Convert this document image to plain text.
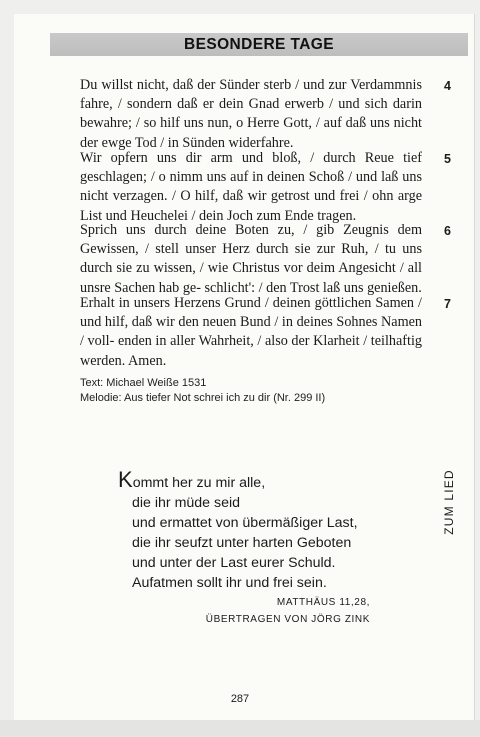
BESONDERE TAGE
4
Du willst nicht, daß der Sünder sterb / und zur Verdammnis fahre, / sondern daß er dein Gnad erwerb / und sich darin bewahre; / so hilf uns nun, o Herre Gott, / auf daß uns nicht der ewge Tod / in Sünden widerfahre.
5
Wir opfern uns dir arm und bloß, / durch Reue tief geschlagen; / o nimm uns auf in deinen Schoß / und laß uns nicht verzagen. / O hilf, daß wir getrost und frei / ohn arge List und Heuchelei / dein Joch zum Ende tragen.
6
Sprich uns durch deine Boten zu, / gib Zeugnis dem Gewissen, / stell unser Herz durch sie zur Ruh, / tu uns durch sie zu wissen, / wie Christus vor deim Angesicht / all unsre Sachen hab ge- schlicht': / den Trost laß uns genießen.
7
Erhalt in unsers Herzens Grund / deinen göttlichen Samen / und hilf, daß wir den neuen Bund / in deines Sohnes Namen / voll- enden in aller Wahrheit, / also der Klarheit / teilhaftig werden. Amen.
Text: Michael Weiße 1531
Melodie: Aus tiefer Not schrei ich zu dir (Nr. 299 II)
Kommt her zu mir alle,
die ihr müde seid
und ermattet von übermäßiger Last,
die ihr seufzt unter harten Geboten
und unter der Last eurer Schuld.
Aufatmen sollt ihr und frei sein.
MATTHÄUS 11,28,
ÜBERTRAGEN VON JÖRG ZINK
ZUM LIED
287
